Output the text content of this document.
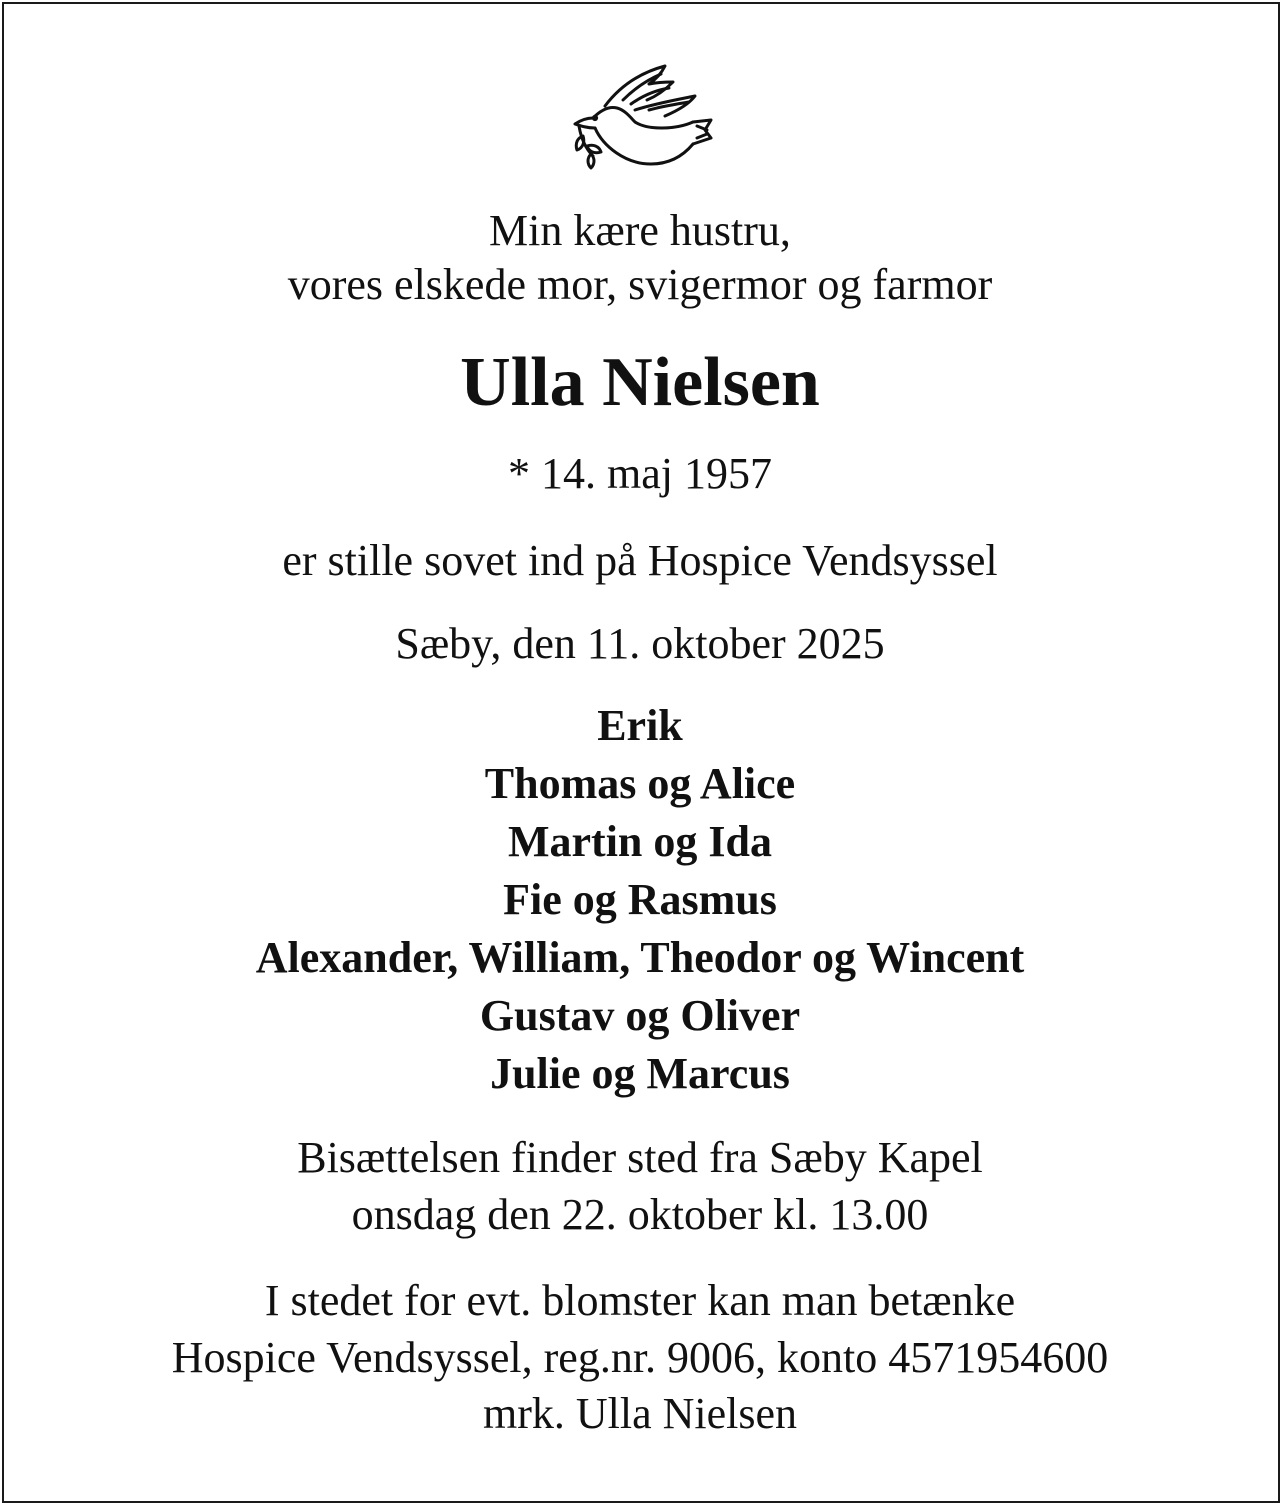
Min kære hustru,
vores elskede mor, svigermor og farmor
Ulla Nielsen
* 14. maj 1957
er stille sovet ind på Hospice Vendsyssel
Sæby, den 11. oktober 2025
Erik
Thomas og Alice
Martin og Ida
Fie og Rasmus
Alexander, William, Theodor og Wincent
Gustav og Oliver
Julie og Marcus
Bisættelsen finder sted fra Sæby Kapel
onsdag den 22. oktober kl. 13.00
I stedet for evt. blomster kan man betænke
Hospice Vendsyssel, reg.nr. 9006, konto 4571954600
mrk. Ulla Nielsen
